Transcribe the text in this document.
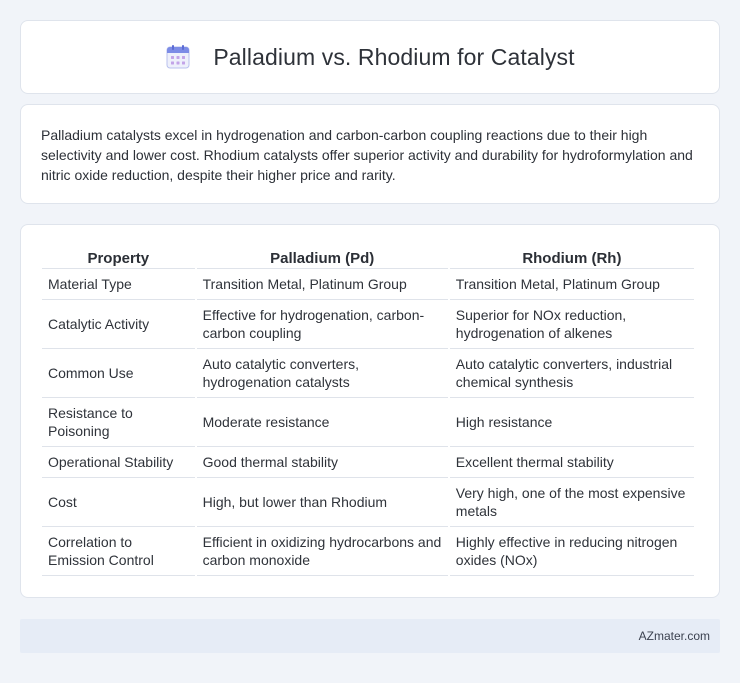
Palladium vs. Rhodium for Catalyst

Palladium catalysts excel in hydrogenation and carbon-carbon coupling reactions due to their high selectivity and lower cost. Rhodium catalysts offer superior activity and durability for hydroformylation and nitric oxide reduction, despite their higher price and rarity.

Property	Palladium (Pd)	Rhodium (Rh)
Material Type	Transition Metal, Platinum Group	Transition Metal, Platinum Group
Catalytic Activity	Effective for hydrogenation, carbon-carbon coupling	Superior for NOx reduction, hydrogenation of alkenes
Common Use	Auto catalytic converters, hydrogenation catalysts	Auto catalytic converters, industrial chemical synthesis
Resistance to Poisoning	Moderate resistance	High resistance
Operational Stability	Good thermal stability	Excellent thermal stability
Cost	High, but lower than Rhodium	Very high, one of the most expensive metals
Correlation to Emission Control	Efficient in oxidizing hydrocarbons and carbon monoxide	Highly effective in reducing nitrogen oxides (NOx)
AZmater.com
